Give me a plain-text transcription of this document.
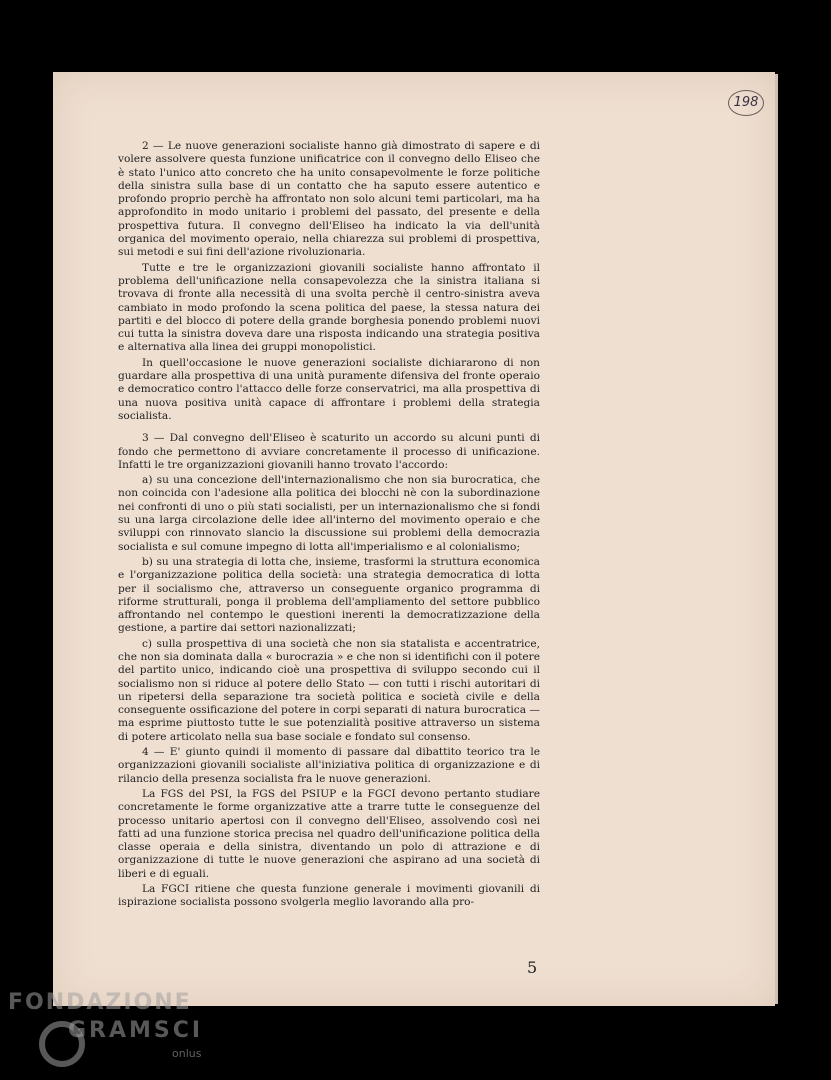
198

2 — Le nuove generazioni socialiste hanno già dimostrato di sapere e di volere assolvere questa funzione unificatrice con il convegno dello Eliseo che è stato l'unico atto concreto che ha unito consapevolmente le forze politiche della sinistra sulla base di un contatto che ha saputo essere autentico e profondo proprio perchè ha affrontato non solo alcuni temi particolari, ma ha approfondito in modo unitario i problemi del passato, del presente e della prospettiva futura. Il convegno dell'Eliseo ha indicato la via dell'unità organica del movimento operaio, nella chiarezza sui problemi di prospettiva, sui metodi e sui fini dell'azione rivoluzionaria.

Tutte e tre le organizzazioni giovanili socialiste hanno affrontato il problema dell'unificazione nella consapevolezza che la sinistra italiana si trovava di fronte alla necessità di una svolta perchè il centro-sinistra aveva cambiato in modo profondo la scena politica del paese, la stessa natura dei partiti e del blocco di potere della grande borghesia ponendo problemi nuovi cui tutta la sinistra doveva dare una risposta indicando una strategia positiva e alternativa alla linea dei gruppi monopolistici.

In quell'occasione le nuove generazioni socialiste dichiararono di non guardare alla prospettiva di una unità puramente difensiva del fronte operaio e democratico contro l'attacco delle forze conservatrici, ma alla prospettiva di una nuova positiva unità capace di affrontare i problemi della strategia socialista.

3 — Dal convegno dell'Eliseo è scaturito un accordo su alcuni punti di fondo che permettono di avviare concretamente il processo di unificazione. Infatti le tre organizzazioni giovanili hanno trovato l'accordo:

a) su una concezione dell'internazionalismo che non sia burocratica, che non coincida con l'adesione alla politica dei blocchi nè con la subordinazione nei confronti di uno o più stati socialisti, per un internazionalismo che si fondi su una larga circolazione delle idee all'interno del movimento operaio e che sviluppi con rinnovato slancio la discussione sui problemi della democrazia socialista e sul comune impegno di lotta all'imperialismo e al colonialismo;

b) su una strategia di lotta che, insieme, trasformi la struttura economica e l'organizzazione politica della società: una strategia democratica di lotta per il socialismo che, attraverso un conseguente organico programma di riforme strutturali, ponga il problema dell'ampliamento del settore pubblico affrontando nel contempo le questioni inerenti la democratizzazione della gestione, a partire dai settori nazionalizzati;

c) sulla prospettiva di una società che non sia statalista e accentratrice, che non sia dominata dalla « burocrazia » e che non si identifichi con il potere del partito unico, indicando cioè una prospettiva di sviluppo secondo cui il socialismo non si riduce al potere dello Stato — con tutti i rischi autoritari di un ripetersi della separazione tra società politica e società civile e della conseguente ossificazione del potere in corpi separati di natura burocratica — ma esprime piuttosto tutte le sue potenzialità positive attraverso un sistema di potere articolato nella sua base sociale e fondato sul consenso.

4 — E' giunto quindi il momento di passare dal dibattito teorico tra le organizzazioni giovanili socialiste all'iniziativa politica di organizzazione e di rilancio della presenza socialista fra le nuove generazioni.

La FGS del PSI, la FGS del PSIUP e la FGCI devono pertanto studiare concretamente le forme organizzative atte a trarre tutte le conseguenze del processo unitario apertosi con il convegno dell'Eliseo, assolvendo così nei fatti ad una funzione storica precisa nel quadro dell'unificazione politica della classe operaia e della sinistra, diventando un polo di attrazione e di organizzazione di tutte le nuove generazioni che aspirano ad una società di liberi e di eguali.

La FGCI ritiene che questa funzione generale i movimenti giovanili di ispirazione socialista possono svolgerla meglio lavorando alla pro-

5
FONDAZIONE
GRAMSCI
onlus
